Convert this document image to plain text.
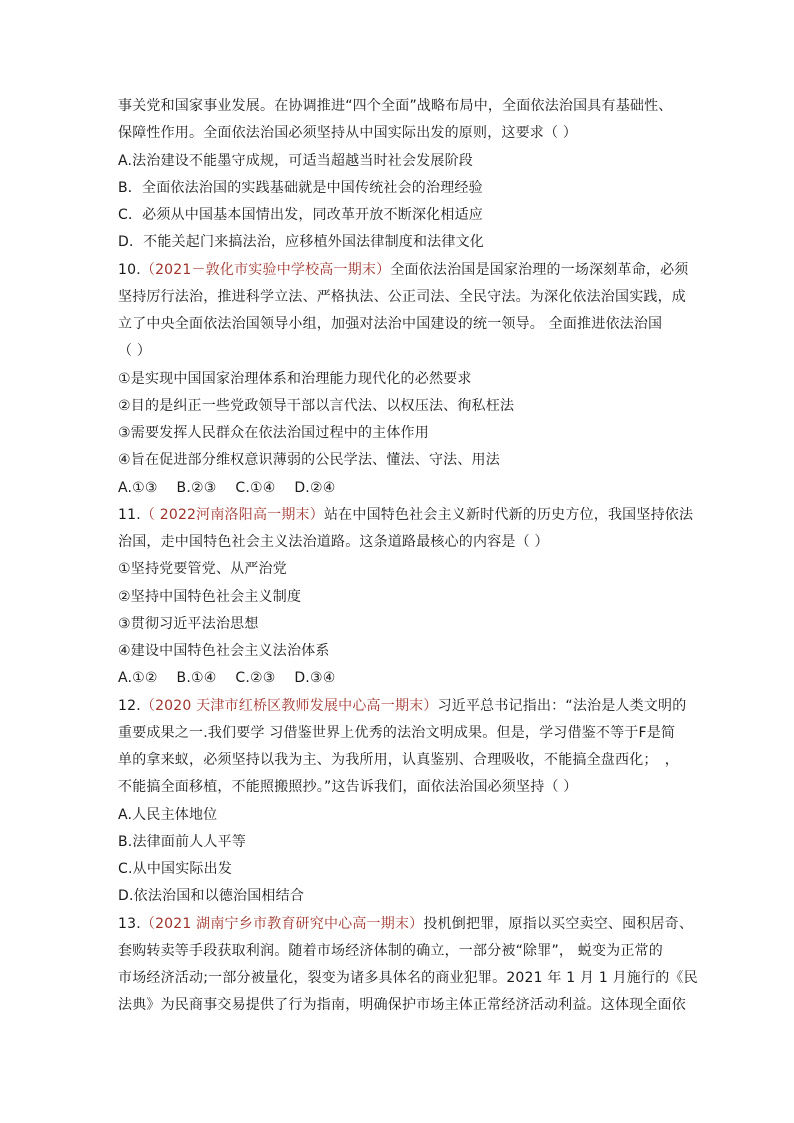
事关党和国家事业发展。在协调推进“四个全面”战略布局中，全面依法治国具有基础性、
保障性作用。全面依法治国必须坚持从中国实际出发的原则，这要求（ ）
A.法治建设不能墨守成规，可适当超越当时社会发展阶段
B．全面依法治国的实践基础就是中国传统社会的治理经验
C．必须从中国基本国情出发，同改革开放不断深化相适应
D．不能关起门来搞法治，应移植外国法律制度和法律文化
10.（2021－敦化市实验中学校高一期末）全面依法治国是国家治理的一场深刻革命，必须
坚持厉行法治，推进科学立法、严格执法、公正司法、全民守法。为深化依法治国实践，成
立了中央全面依法治国领导小组，加强对法治中国建设的统一领导。 全面推进依法治国
（ ）
①是实现中国国家治理体系和治理能力现代化的必然要求
②目的是纠正一些党政领导干部以言代法、以权压法、徇私枉法
③需要发挥人民群众在依法治国过程中的主体作用
④旨在促进部分维权意识薄弱的公民学法、懂法、守法、用法
A.①③　 B.②③　 C.①④　 D.②④
11.（ 2022河南洛阳高一期末）站在中国特色社会主义新时代新的历史方位，我国坚持依法
治国，走中国特色社会主义法治道路。这条道路最核心的内容是（ ）
①坚持党要管党、从严治党
②坚持中国特色社会主义制度
③贯彻习近平法治思想
④建设中国特色社会主义法治体系
A.①②　 B.①④　 C.②③　 D.③④
12.（2020 天津市红桥区教师发展中心高一期末）习近平总书记指出：“法治是人类文明的
重要成果之一.我们要学 习借鉴世界上优秀的法治文明成果。但是，学习借鉴不等于F是简
单的拿来蚁，必须坚持以我为主、为我所用，认真鉴别、合理吸收，不能搞全盘西化；　，
不能搞全面移植，不能照搬照抄。”这告诉我们，面依法治国必须坚持（ ）
A.人民主体地位
B.法律面前人人平等
C.从中国实际出发
D.依法治国和以德治国相结合
13.（2021 湖南宁乡市教育研究中心高一期末）投机倒把罪，原指以买空卖空、囤积居奇、
套购转卖等手段获取利润。随着市场经济体制的确立，一部分被“除罪”， 蜕变为正常的
市场经济活动;一部分被量化，裂变为诸多具体名的商业犯罪。2021 年 1 月 1 月施行的《民
法典》为民商事交易提供了行为指南，明确保护市场主体正常经济活动利益。这体现全面依
